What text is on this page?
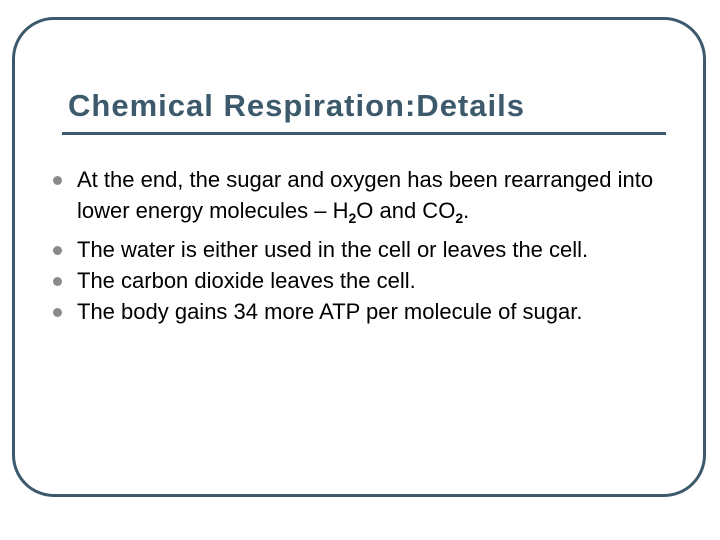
Chemical Respiration:Details
At the end, the sugar and oxygen has been rearranged into lower energy molecules – $H_2O$ and $CO_2$.
The water is either used in the cell or leaves the cell.
The carbon dioxide leaves the cell.
The body gains 34 more ATP per molecule of sugar.
